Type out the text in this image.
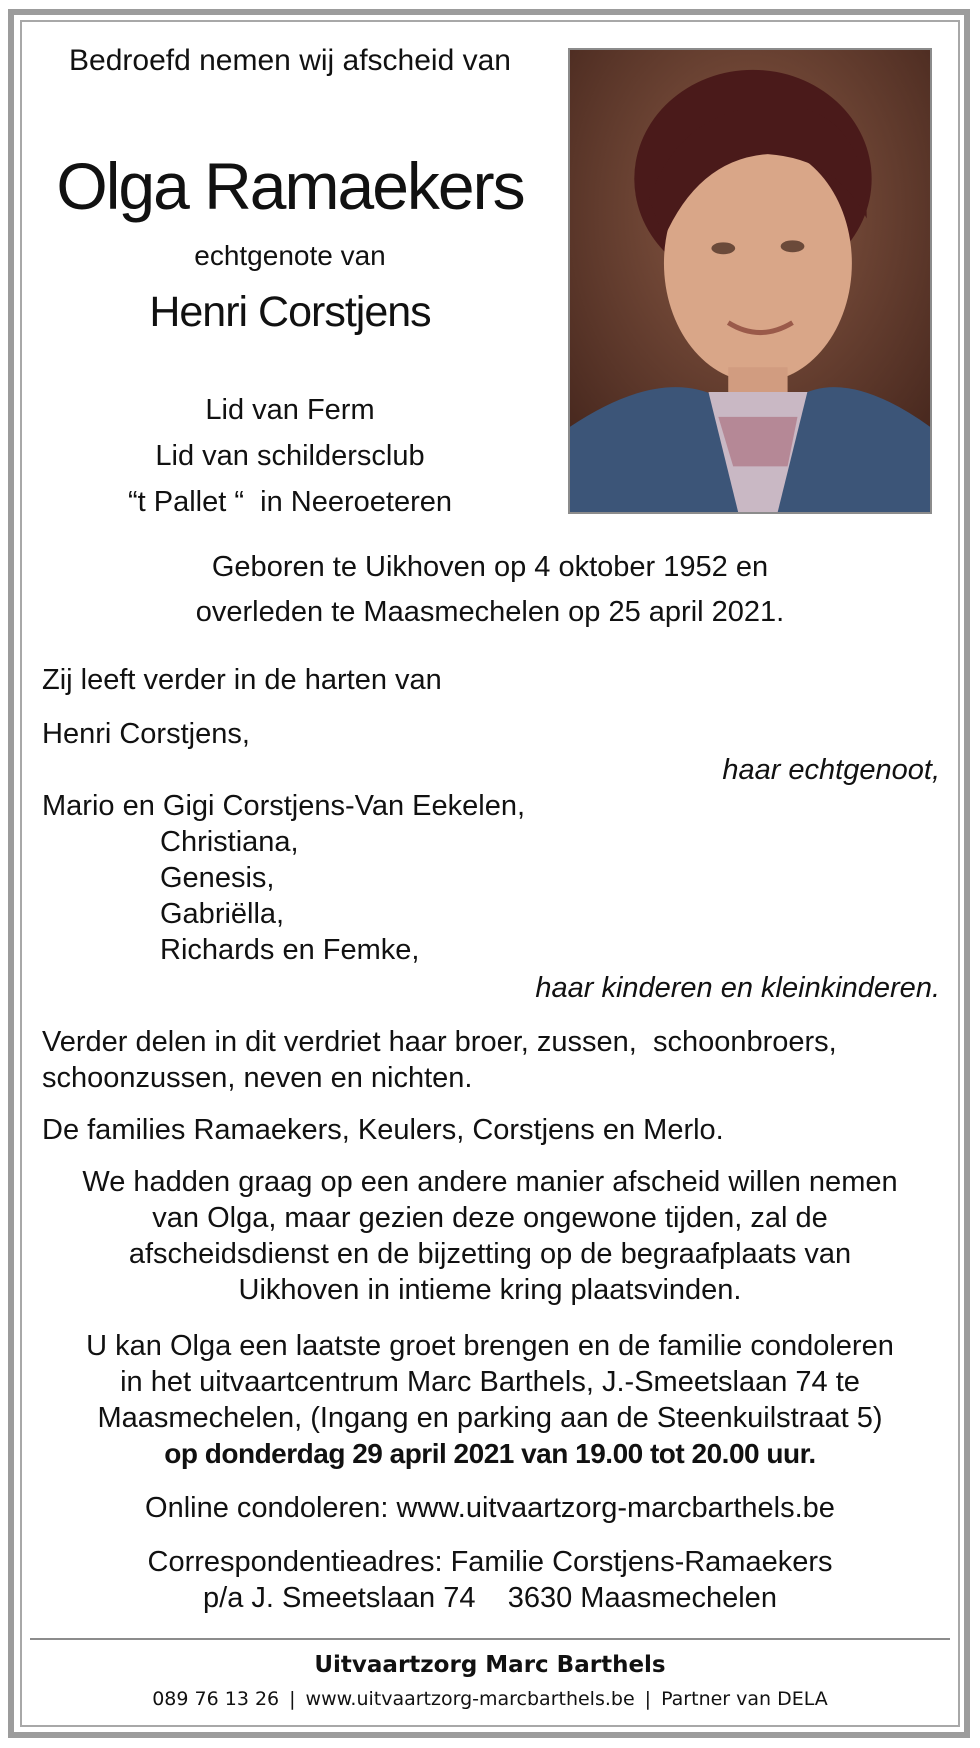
Bedroefd nemen wij afscheid van
Olga Ramaekers
echtgenote van
Henri Corstjens
Lid van Ferm
Lid van schildersclub
“t Pallet “  in Neeroeteren
Geboren te Uikhoven op 4 oktober 1952 en
overleden te Maasmechelen op 25 april 2021.
Zij leeft verder in de harten van
Henri Corstjens,
haar echtgenoot,
Mario en Gigi Corstjens-Van Eekelen,
Christiana,
Genesis,
Gabriëlla,
Richards en Femke,
haar kinderen en kleinkinderen.
Verder delen in dit verdriet haar broer, zussen,  schoonbroers,
schoonzussen, neven en nichten.
De families Ramaekers, Keulers, Corstjens en Merlo.
We hadden graag op een andere manier afscheid willen nemen
van Olga, maar gezien deze ongewone tijden, zal de
afscheidsdienst en de bijzetting op de begraafplaats van
Uikhoven in intieme kring plaatsvinden.
U kan Olga een laatste groet brengen en de familie condoleren
in het uitvaartcentrum Marc Barthels, J.-Smeetslaan 74 te
Maasmechelen, (Ingang en parking aan de Steenkuilstraat 5)
op donderdag 29 april 2021 van 19.00 tot 20.00 uur.
Online condoleren: www.uitvaartzorg-marcbarthels.be
Correspondentieadres: Familie Corstjens-Ramaekers
p/a J. Smeetslaan 74    3630 Maasmechelen
Uitvaartzorg Marc Barthels
089 76 13 26 | www.uitvaartzorg-marcbarthels.be | Partner van DELA
